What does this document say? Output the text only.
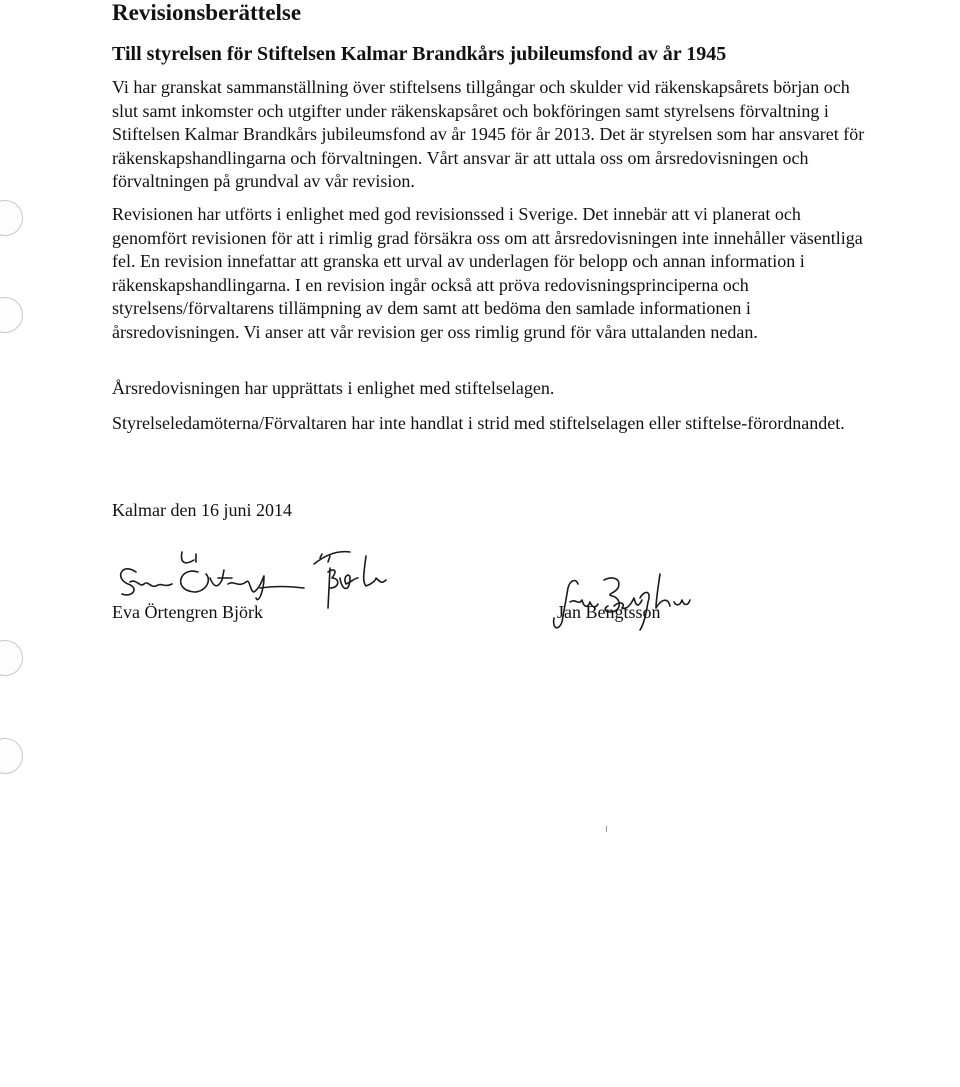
Revisionsberättelse
Till styrelsen för Stiftelsen Kalmar Brandkårs jubileumsfond av år 1945

Vi har granskat sammanställning över stiftelsens tillgångar och skulder vid räkenskapsårets början och slut samt inkomster och utgifter under räkenskapsåret och bokföringen samt styrelsens förvaltning i Stiftelsen Kalmar Brandkårs jubileumsfond av år 1945 för år 2013. Det är styrelsen som har ansvaret för räkenskapshandlingarna och förvaltningen. Vårt ansvar är att uttala oss om årsredovisningen och förvaltningen på grundval av vår revision.

Revisionen har utförts i enlighet med god revisionssed i Sverige. Det innebär att vi planerat och genomfört revisionen för att i rimlig grad försäkra oss om att årsredovisningen inte innehåller väsentliga fel. En revision innefattar att granska ett urval av underlagen för belopp och annan information i räkenskapshandlingarna. I en revision ingår också att pröva redovisningsprinciperna och styrelsens/förvaltarens tillämpning av dem samt att bedöma den samlade informationen i årsredovisningen. Vi anser att vår revision ger oss rimlig grund för våra uttalanden nedan.

Årsredovisningen har upprättats i enlighet med stiftelselagen.

Styrelseledamöterna/Förvaltaren har inte handlat i strid med stiftelselagen eller stiftelse-förordnandet.

Kalmar den 16 juni 2014

Eva Örtengren Björk	Jan Bengtsson
